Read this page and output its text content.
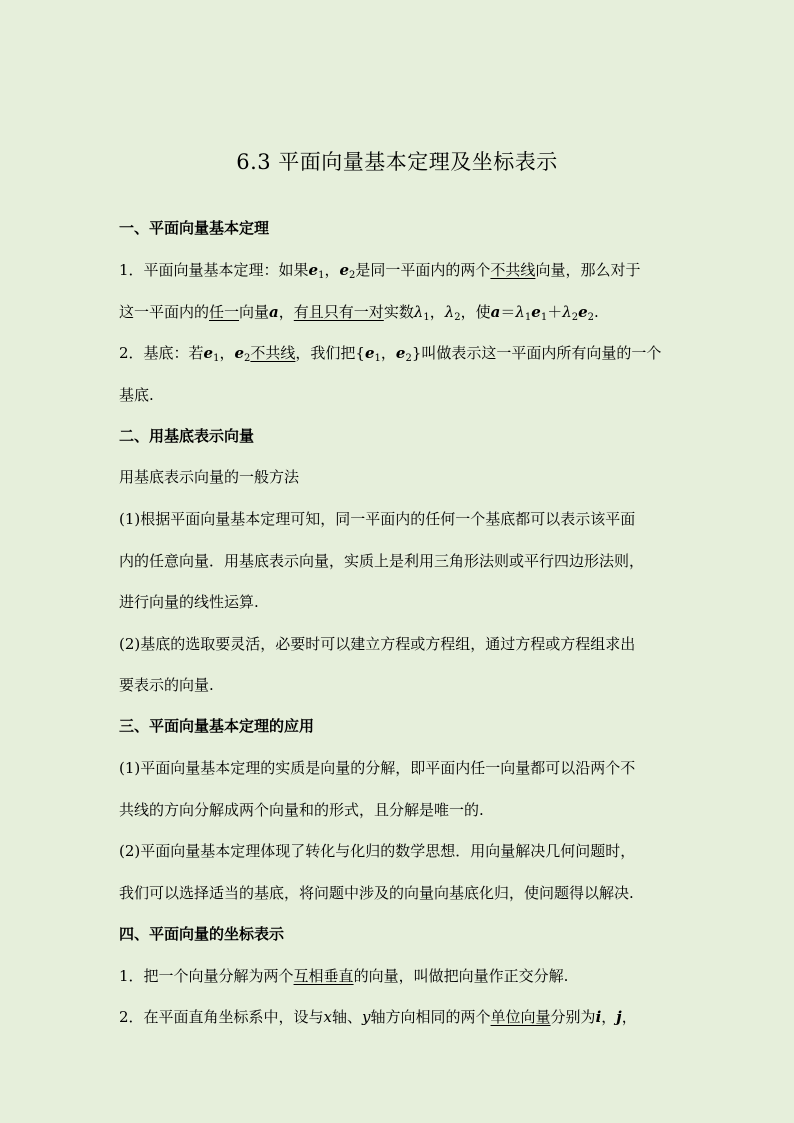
6.3 平面向量基本定理及坐标表示
一、平面向量基本定理
1．平面向量基本定理：如果$e_1$，$e_2$是同一平面内的两个不共线向量，那么对于
这一平面内的任一向量a，有且只有一对实数$\lambda_1$，$\lambda_2$，使$a=\lambda_1e_1+\lambda_2e_2$.
2．基底：若$e_1$，$e_2$不共线，我们把{$e_1$，$e_2$}叫做表示这一平面内所有向量的一个
基底.
二、用基底表示向量
用基底表示向量的一般方法
(1)根据平面向量基本定理可知，同一平面内的任何一个基底都可以表示该平面
内的任意向量．用基底表示向量，实质上是利用三角形法则或平行四边形法则，
进行向量的线性运算.
(2)基底的选取要灵活，必要时可以建立方程或方程组，通过方程或方程组求出
要表示的向量.
三、平面向量基本定理的应用
(1)平面向量基本定理的实质是向量的分解，即平面内任一向量都可以沿两个不
共线的方向分解成两个向量和的形式，且分解是唯一的.
(2)平面向量基本定理体现了转化与化归的数学思想．用向量解决几何问题时，
我们可以选择适当的基底，将问题中涉及的向量向基底化归，使问题得以解决.
四、平面向量的坐标表示
1．把一个向量分解为两个互相垂直的向量，叫做把向量作正交分解.
2．在平面直角坐标系中，设与x轴、y轴方向相同的两个单位向量分别为i，j，
